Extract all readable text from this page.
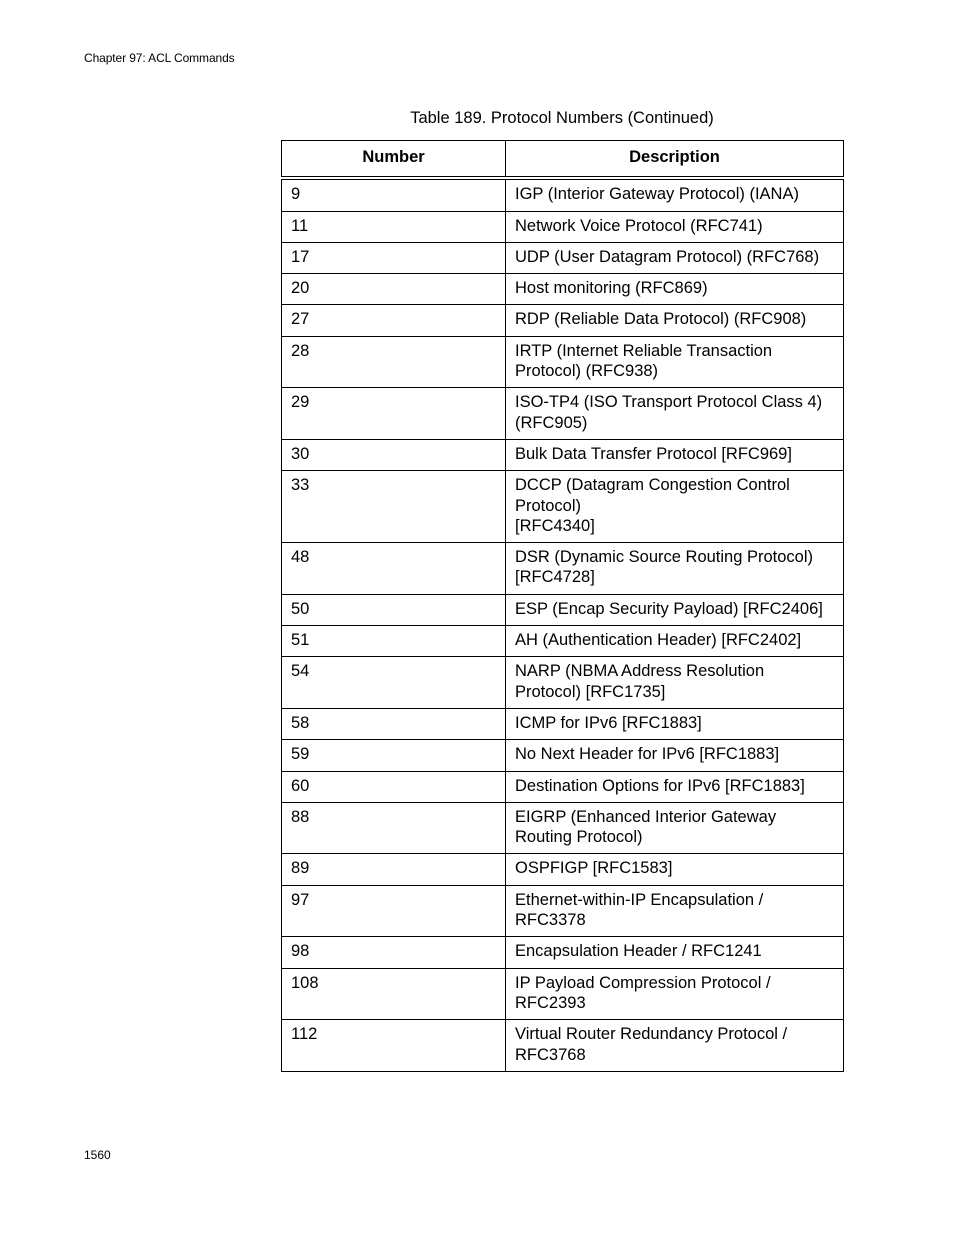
Chapter 97: ACL Commands
Table 189. Protocol Numbers (Continued)
Number	Description
9	IGP (Interior Gateway Protocol) (IANA)
11	Network Voice Protocol (RFC741)
17	UDP (User Datagram Protocol) (RFC768)
20	Host monitoring (RFC869)
27	RDP (Reliable Data Protocol) (RFC908)
28	IRTP (Internet Reliable Transaction
Protocol) (RFC938)
29	ISO-TP4 (ISO Transport Protocol Class 4)
(RFC905)
30	Bulk Data Transfer Protocol [RFC969]
33	DCCP (Datagram Congestion Control
Protocol)
[RFC4340]
48	DSR (Dynamic Source Routing Protocol)
[RFC4728]
50	ESP (Encap Security Payload) [RFC2406]
51	AH (Authentication Header) [RFC2402]
54	NARP (NBMA Address Resolution
Protocol) [RFC1735]
58	ICMP for IPv6 [RFC1883]
59	No Next Header for IPv6 [RFC1883]
60	Destination Options for IPv6 [RFC1883]
88	EIGRP (Enhanced Interior Gateway
Routing Protocol)
89	OSPFIGP [RFC1583]
97	Ethernet-within-IP Encapsulation /
RFC3378
98	Encapsulation Header / RFC1241
108	IP Payload Compression Protocol /
RFC2393
112	Virtual Router Redundancy Protocol /
RFC3768
1560
